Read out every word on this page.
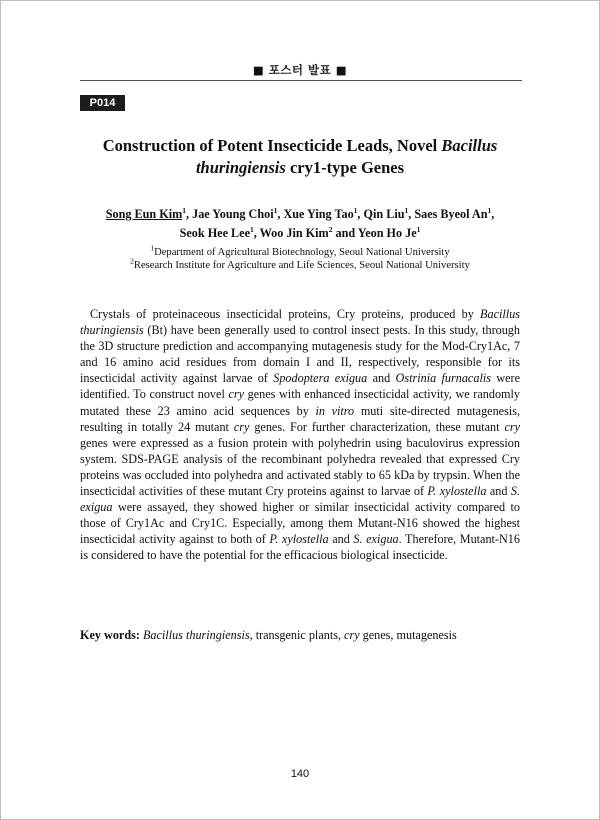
■ 포스터 발표 ■
P014
Construction of Potent Insecticide Leads, Novel Bacillus thuringiensis cry1-type Genes
Song Eun Kim$^1$, Jae Young Choi$^1$, Xue Ying Tao$^1$, Qin Liu$^1$, Saes Byeol An$^1$,
Seok Hee Lee$^1$, Woo Jin Kim$^2$ and Yeon Ho Je$^1$
$^1$Department of Agricultural Biotechnology, Seoul National University
$^2$Research Institute for Agriculture and Life Sciences, Seoul National University
Crystals of proteinaceous insecticidal proteins, Cry proteins, produced by Bacillus thuringiensis (Bt) have been generally used to control insect pests. In this study, through the 3D structure prediction and accompanying mutagenesis study for the Mod-Cry1Ac, 7 and 16 amino acid residues from domain I and II, respectively, responsible for its insecticidal activity against larvae of Spodoptera exigua and Ostrinia furnacalis were identified. To construct novel cry genes with enhanced insecticidal activity, we randomly mutated these 23 amino acid sequences by in vitro muti site-directed mutagenesis, resulting in totally 24 mutant cry genes. For further characterization, these mutant cry genes were expressed as a fusion protein with polyhedrin using baculovirus expression system. SDS-PAGE analysis of the recombinant polyhedra revealed that expressed Cry proteins was occluded into polyhedra and activated stably to 65 kDa by trypsin. When the insecticidal activities of these mutant Cry proteins against to larvae of P. xylostella and S. exigua were assayed, they showed higher or similar insecticidal activity compared to those of Cry1Ac and Cry1C. Especially, among them Mutant-N16 showed the highest insecticidal activity against to both of P. xylostella and S. exigua. Therefore, Mutant-N16 is considered to have the potential for the efficacious biological insecticide.
Key words: Bacillus thuringiensis, transgenic plants, cry genes, mutagenesis
140
